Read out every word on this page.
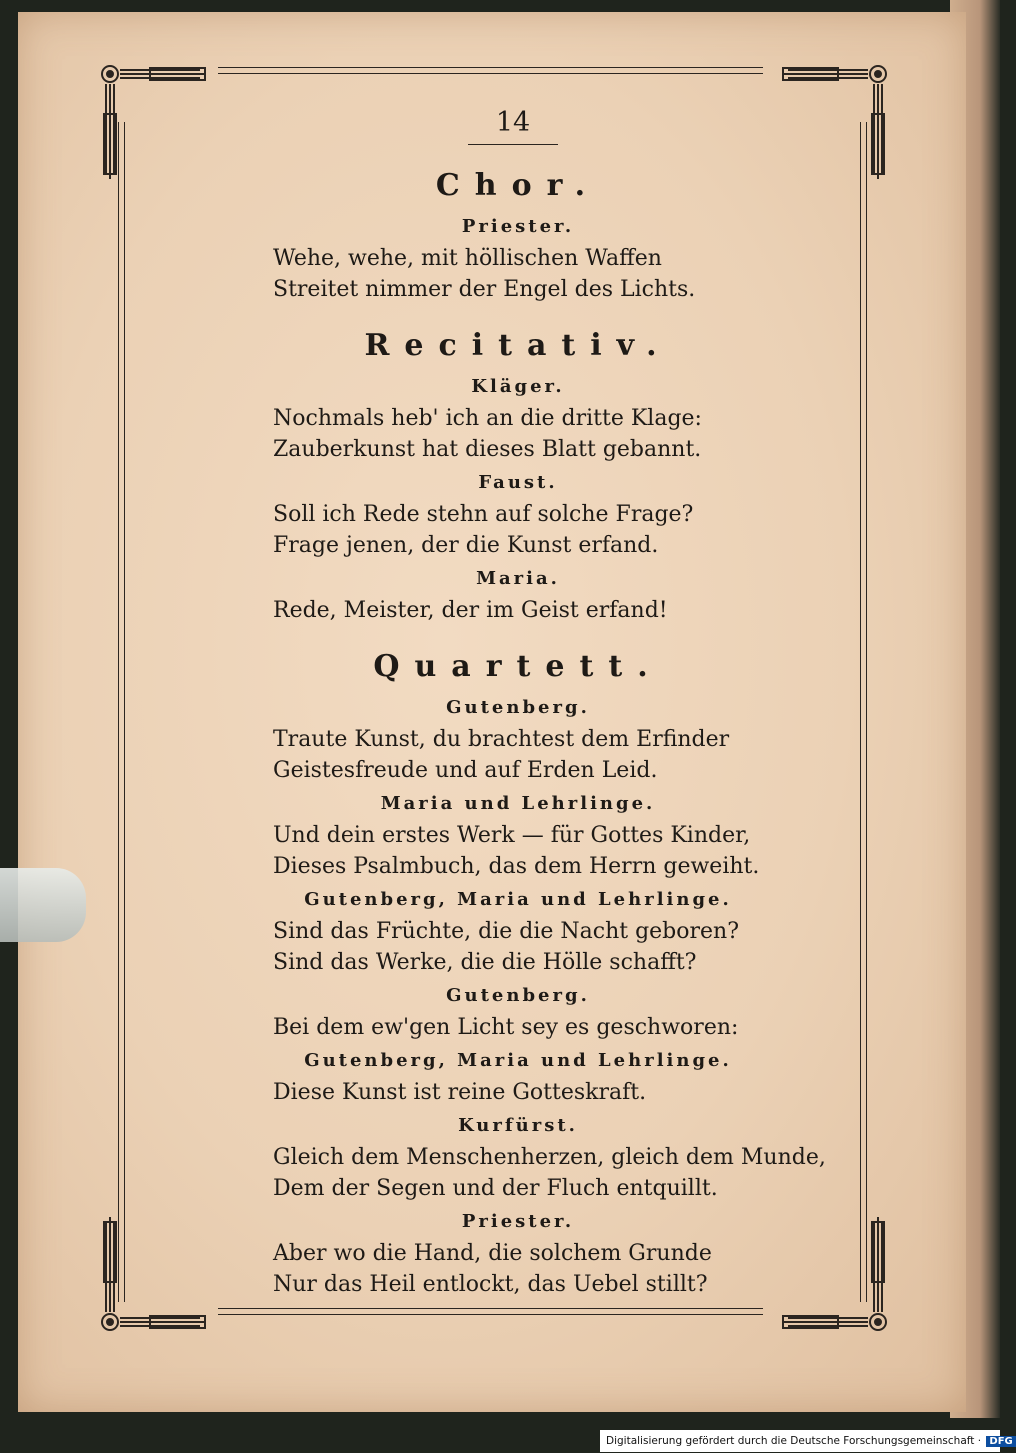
14
Chor.
Priester.
Wehe, wehe, mit höllischen Waffen
Streitet nimmer der Engel des Lichts.
Recitativ.
Kläger.
Nochmals heb' ich an die dritte Klage:
Zauberkunst hat dieses Blatt gebannt.
Faust.
Soll ich Rede stehn auf solche Frage?
Frage jenen, der die Kunst erfand.
Maria.
Rede, Meister, der im Geist erfand!
Quartett.
Gutenberg.
Traute Kunst, du brachtest dem Erfinder
Geistesfreude und auf Erden Leid.
Maria und Lehrlinge.
Und dein erstes Werk — für Gottes Kinder,
Dieses Psalmbuch, das dem Herrn geweiht.
Gutenberg, Maria und Lehrlinge.
Sind das Früchte, die die Nacht geboren?
Sind das Werke, die die Hölle schafft?
Gutenberg.
Bei dem ew'gen Licht sey es geschworen:
Gutenberg, Maria und Lehrlinge.
Diese Kunst ist reine Gotteskraft.
Kurfürst.
Gleich dem Menschenherzen, gleich dem Munde,
Dem der Segen und der Fluch entquillt.
Priester.
Aber wo die Hand, die solchem Grunde
Nur das Heil entlockt, das Uebel stillt?
Digitalisierung gefördert durch die Deutsche Forschungsgemeinschaft · DFG
